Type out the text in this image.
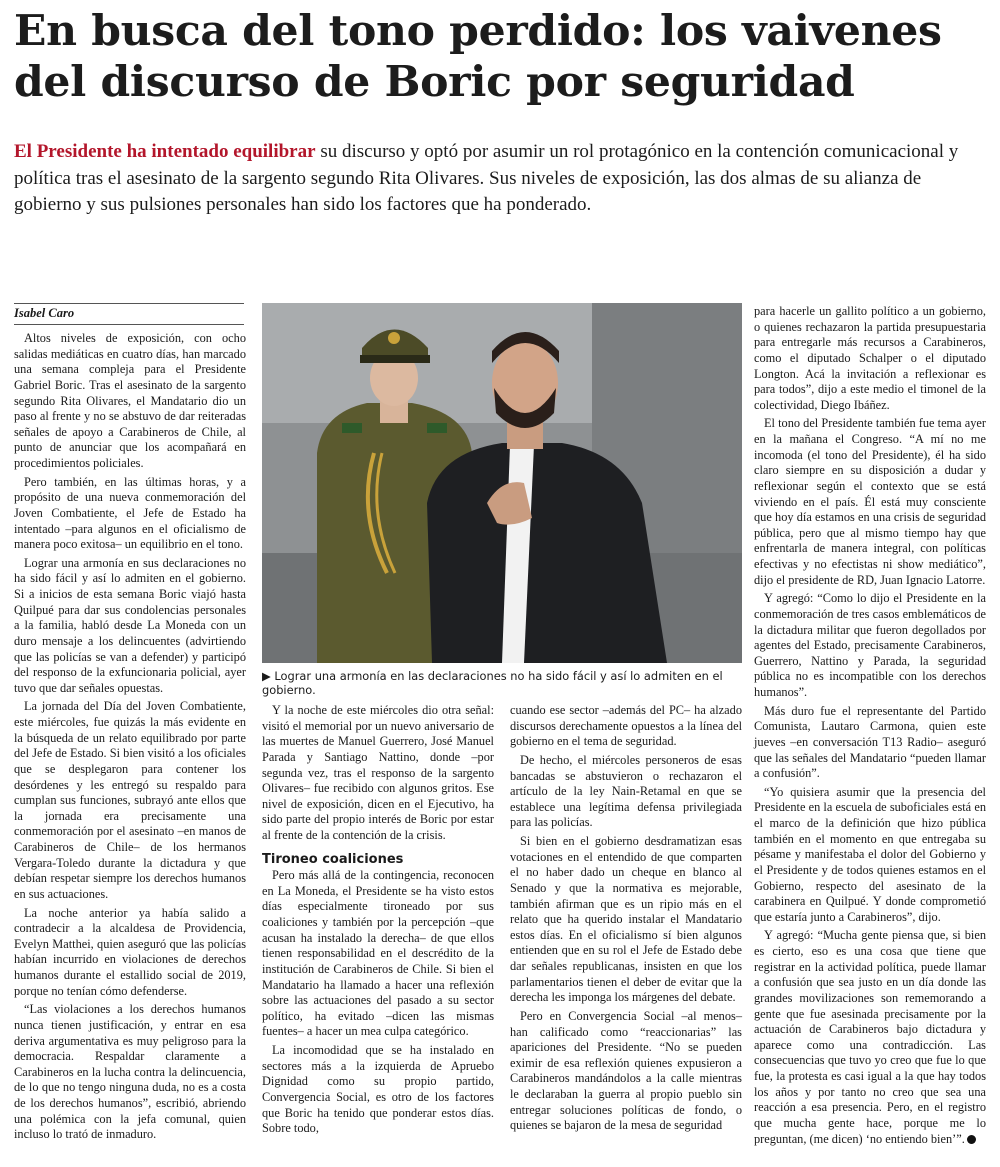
En busca del tono perdido: los vaivenes del discurso de Boric por seguridad

El Presidente ha intentado equilibrar su discurso y optó por asumir un rol protagónico en la contención comunicacional y política tras el asesinato de la sargento segundo Rita Olivares. Sus niveles de exposición, las dos almas de su alianza de gobierno y sus pulsiones personales han sido los factores que ha ponderado.

Isabel Caro

Altos niveles de exposición, con ocho salidas mediáticas en cuatro días, han marcado una semana compleja para el Presidente Gabriel Boric. Tras el asesinato de la sargento segundo Rita Olivares, el Mandatario dio un paso al frente y no se abstuvo de dar reiteradas señales de apoyo a Carabineros de Chile, al punto de anunciar que los acompañará en procedimientos policiales.

Pero también, en las últimas horas, y a propósito de una nueva conmemoración del Joven Combatiente, el Jefe de Estado ha intentado –para algunos en el oficialismo de manera poco exitosa– un equilibrio en el tono.

Lograr una armonía en sus declaraciones no ha sido fácil y así lo admiten en el gobierno. Si a inicios de esta semana Boric viajó hasta Quilpué para dar sus condolencias personales a la familia, habló desde La Moneda con un duro mensaje a los delincuentes (advirtiendo que las policías se van a defender) y participó del responso de la exfuncionaria policial, ayer tuvo que dar señales opuestas.

La jornada del Día del Joven Combatiente, este miércoles, fue quizás la más evidente en la búsqueda de un relato equilibrado por parte del Jefe de Estado. Si bien visitó a los oficiales que se desplegaron para contener los desórdenes y les entregó su respaldo para cumplan sus funciones, subrayó ante ellos que la jornada era precisamente una conmemoración por el asesinato –en manos de Carabineros de Chile– de los hermanos Vergara-Toledo durante la dictadura y que debían respetar siempre los derechos humanos en sus actuaciones.

La noche anterior ya había salido a contradecir a la alcaldesa de Providencia, Evelyn Matthei, quien aseguró que las policías habían incurrido en violaciones de derechos humanos durante el estallido social de 2019, porque no tenían cómo defenderse.

“Las violaciones a los derechos humanos nunca tienen justificación, y entrar en esa deriva argumentativa es muy peligroso para la democracia. Respaldar claramente a Carabineros en la lucha contra la delincuencia, de lo que no tengo ninguna duda, no es a costa de los derechos humanos”, escribió, abriendo una polémica con la jefa comunal, quien incluso lo trató de inmaduro.

▶ Lograr una armonía en las declaraciones no ha sido fácil y así lo admiten en el gobierno.

Y la noche de este miércoles dio otra señal: visitó el memorial por un nuevo aniversario de las muertes de Manuel Guerrero, José Manuel Parada y Santiago Nattino, donde –por segunda vez, tras el responso de la sargento Olivares– fue recibido con algunos gritos. Ese nivel de exposición, dicen en el Ejecutivo, ha sido parte del propio interés de Boric por estar al frente de la contención de la crisis.

Tironeo coaliciones

Pero más allá de la contingencia, reconocen en La Moneda, el Presidente se ha visto estos días especialmente tironeado por sus coaliciones y también por la percepción –que acusan ha instalado la derecha– de que ellos tienen responsabilidad en el descrédito de la institución de Carabineros de Chile. Si bien el Mandatario ha llamado a hacer una reflexión sobre las actuaciones del pasado a su sector político, ha evitado –dicen las mismas fuentes– a hacer un mea culpa categórico.

La incomodidad que se ha instalado en sectores más a la izquierda de Apruebo Dignidad como su propio partido, Convergencia Social, es otro de los factores que Boric ha tenido que ponderar estos días. Sobre todo,

cuando ese sector –además del PC– ha alzado discursos derechamente opuestos a la línea del gobierno en el tema de seguridad.

De hecho, el miércoles personeros de esas bancadas se abstuvieron o rechazaron el artículo de la ley Nain-Retamal en que se establece una legítima defensa privilegiada para las policías.

Si bien en el gobierno desdramatizan esas votaciones en el entendido de que comparten el no haber dado un cheque en blanco al Senado y que la normativa es mejorable, también afirman que es un ripio más en el relato que ha querido instalar el Mandatario estos días. En el oficialismo sí bien algunos entienden que en su rol el Jefe de Estado debe dar señales republicanas, insisten en que los parlamentarios tienen el deber de evitar que la derecha les imponga los márgenes del debate.

Pero en Convergencia Social –al menos– han calificado como “reaccionarias” las apariciones del Presidente. “No se pueden eximir de esa reflexión quienes expusieron a Carabineros mandándolos a la calle mientras le declaraban la guerra al propio pueblo sin entregar soluciones políticas de fondo, o quienes se bajaron de la mesa de seguridad

para hacerle un gallito político a un gobierno, o quienes rechazaron la partida presupuestaria para entregarle más recursos a Carabineros, como el diputado Schalper o el diputado Longton. Acá la invitación a reflexionar es para todos”, dijo a este medio el timonel de la colectividad, Diego Ibáñez.

El tono del Presidente también fue tema ayer en la mañana el Congreso. “A mí no me incomoda (el tono del Presidente), él ha sido claro siempre en su disposición a dudar y reflexionar según el contexto que se está viviendo en el país. Él está muy consciente que hoy día estamos en una crisis de seguridad pública, pero que al mismo tiempo hay que enfrentarla de manera integral, con políticas efectivas y no efectistas ni show mediático”, dijo el presidente de RD, Juan Ignacio Latorre.

Y agregó: “Como lo dijo el Presidente en la conmemoración de tres casos emblemáticos de la dictadura militar que fueron degollados por agentes del Estado, precisamente Carabineros, Guerrero, Nattino y Parada, la seguridad pública no es incompatible con los derechos humanos”.

Más duro fue el representante del Partido Comunista, Lautaro Carmona, quien este jueves –en conversación T13 Radio– aseguró que las señales del Mandatario “pueden llamar a confusión”.

“Yo quisiera asumir que la presencia del Presidente en la escuela de suboficiales está en el marco de la definición que hizo pública también en el momento en que entregaba su pésame y manifestaba el dolor del Gobierno y el Presidente y de todos quienes estamos en el Gobierno, respecto del asesinato de la carabinera en Quilpué. Y donde comprometió que estaría junto a Carabineros”, dijo.

Y agregó: “Mucha gente piensa que, si bien es cierto, eso es una cosa que tiene que registrar en la actividad política, puede llamar a confusión que sea justo en un día donde las grandes movilizaciones son rememorando a gente que fue asesinada precisamente por la actuación de Carabineros bajo dictadura y aparece como una contradicción. Las consecuencias que tuvo yo creo que fue lo que fue, la protesta es casi igual a la que hay todos los años y por tanto no creo que sea una reacción a esa presencia. Pero, en el registro que mucha gente hace, porque me lo preguntan, (me dicen) ‘no entiendo bien’”.
